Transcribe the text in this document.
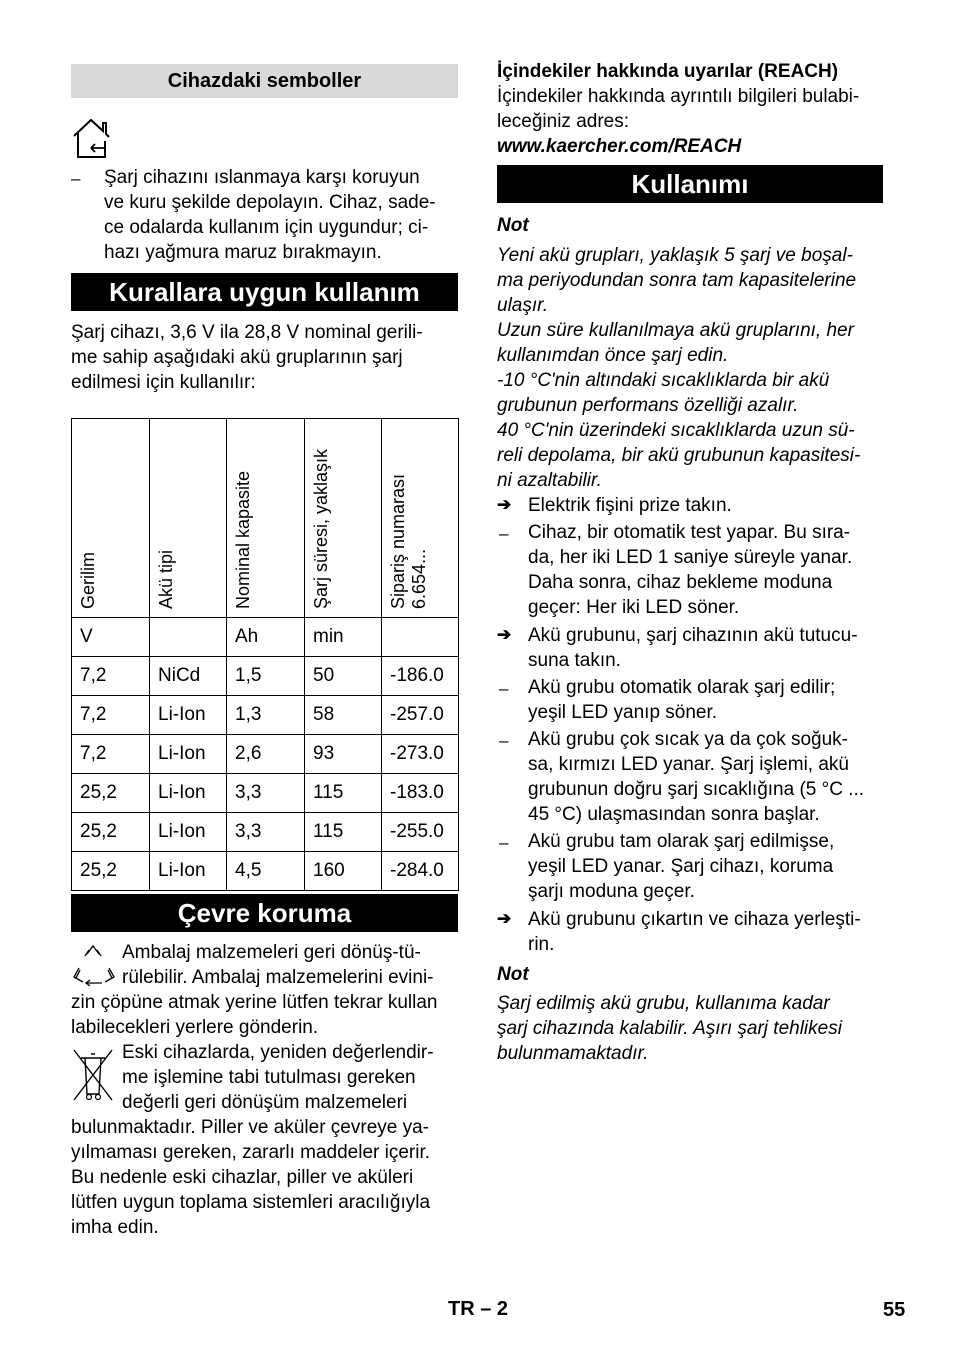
Cihazdaki semboller
– Şarj cihazını ıslanmaya karşı koruyun
ve kuru şekilde depolayın. Cihaz, sade-
ce odalarda kullanım için uygundur; ci-
hazı yağmura maruz bırakmayın.
Kurallara uygun kullanım
Şarj cihazı, 3,6 V ila 28,8 V nominal gerili-
me sahip aşağıdaki akü gruplarının şarj
edilmesi için kullanılır:
Gerilim	Akü tipi	Nominal kapasite	Şarj süresi, yaklaşık	Sipariş numarası
6.654...

V		Ah	min	
7,2	NiCd	1,5	50	-186.0
7,2	Li-Ion	1,3	58	-257.0
7,2	Li-Ion	2,6	93	-273.0
25,2	Li-Ion	3,3	115	-183.0
25,2	Li-Ion	3,3	115	-255.0
25,2	Li-Ion	4,5	160	-284.0
Çevre koruma
Ambalaj malzemeleri geri dönüş-tü-
rülebilir. Ambalaj malzemelerini evini-
zin çöpüne atmak yerine lütfen tekrar kullan
labilecekleri yerlere gönderin.
Eski cihazlarda, yeniden değerlendir-
me işlemine tabi tutulması gereken
değerli geri dönüşüm malzemeleri
bulunmaktadır. Piller ve aküler çevreye ya-
yılmaması gereken, zararlı maddeler içerir.
Bu nedenle eski cihazlar, piller ve aküleri
lütfen uygun toplama sistemleri aracılığıyla
imha edin.
İçindekiler hakkında uyarılar (REACH)
İçindekiler hakkında ayrıntılı bilgileri bulabi-
leceğiniz adres:
www.kaercher.com/REACH
Kullanımı
Not
Yeni akü grupları, yaklaşık 5 şarj ve boşal-
ma periyodundan sonra tam kapasitelerine
ulaşır.
Uzun süre kullanılmaya akü gruplarını, her
kullanımdan önce şarj edin.
-10 °C'nin altındaki sıcaklıklarda bir akü
grubunun performans özelliği azalır.
40 °C'nin üzerindeki sıcaklıklarda uzun sü-
reli depolama, bir akü grubunun kapasitesi-
ni azaltabilir.
➔ Elektrik fişini prize takın.
– Cihaz, bir otomatik test yapar. Bu sıra-
da, her iki LED 1 saniye süreyle yanar.
Daha sonra, cihaz bekleme moduna
geçer: Her iki LED söner.
➔ Akü grubunu, şarj cihazının akü tutucu-
suna takın.
– Akü grubu otomatik olarak şarj edilir;
yeşil LED yanıp söner.
– Akü grubu çok sıcak ya da çok soğuk-
sa, kırmızı LED yanar. Şarj işlemi, akü
grubunun doğru şarj sıcaklığına (5 °C ...
45 °C) ulaşmasından sonra başlar.
– Akü grubu tam olarak şarj edilmişse,
yeşil LED yanar. Şarj cihazı, koruma
şarjı moduna geçer.
➔ Akü grubunu çıkartın ve cihaza yerleşti-
rin.
Not
Şarj edilmiş akü grubu, kullanıma kadar
şarj cihazında kalabilir. Aşırı şarj tehlikesi
bulunmamaktadır.
TR – 2	55
